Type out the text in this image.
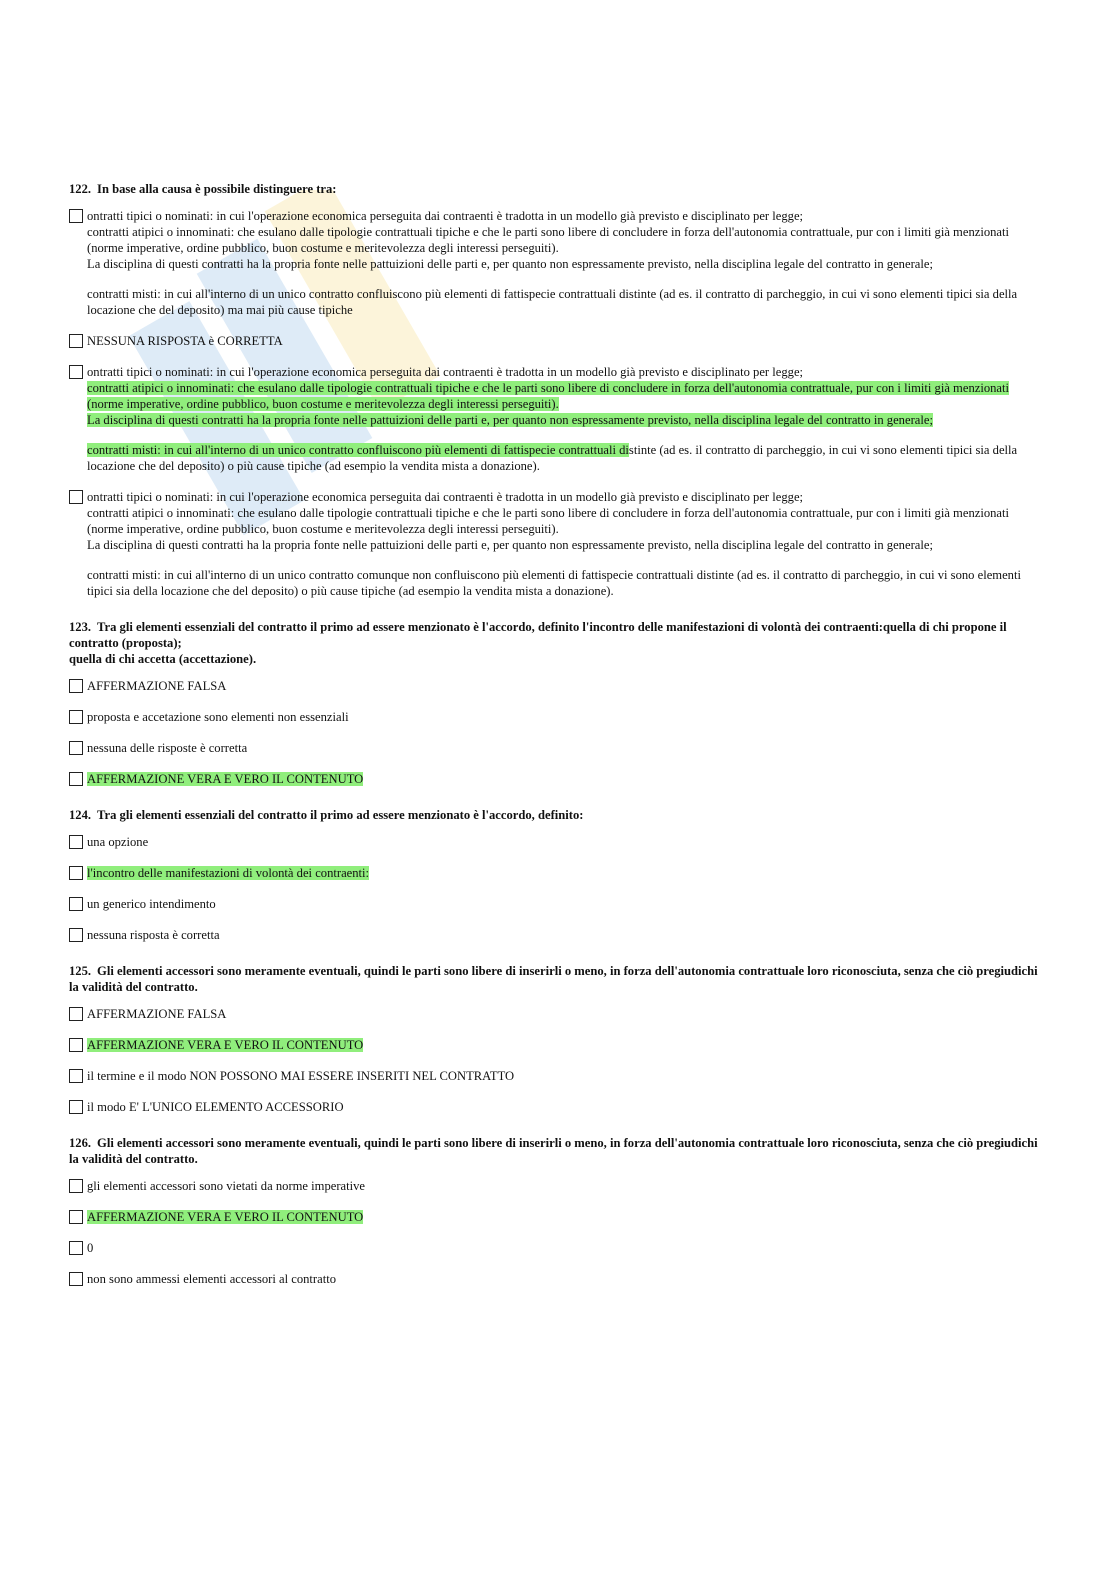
122. In base alla causa è possibile distinguere tra:

ontratti tipici o nominati: in cui l'operazione economica perseguita dai contraenti è tradotta in un modello già previsto e disciplinato per legge;

contratti atipici o innominati: che esulano dalle tipologie contrattuali tipiche e che le parti sono libere di concludere in forza dell'autonomia contrattuale, pur con i limiti già menzionati (norme imperative, ordine pubblico, buon costume e meritevolezza degli interessi perseguiti).

La disciplina di questi contratti ha la propria fonte nelle pattuizioni delle parti e, per quanto non espressamente previsto, nella disciplina legale del contratto in generale;

contratti misti: in cui all'interno di un unico contratto confluiscono più elementi di fattispecie contrattuali distinte (ad es. il contratto di parcheggio, in cui vi sono elementi tipici sia della locazione che del deposito) ma mai più cause tipiche

NESSUNA RISPOSTA è CORRETTA

ontratti tipici o nominati: in cui l'operazione economica perseguita dai contraenti è tradotta in un modello già previsto e disciplinato per legge;

contratti atipici o innominati: che esulano dalle tipologie contrattuali tipiche e che le parti sono libere di concludere in forza dell'autonomia contrattuale, pur con i limiti già menzionati (norme imperative, ordine pubblico, buon costume e meritevolezza degli interessi perseguiti).

La disciplina di questi contratti ha la propria fonte nelle pattuizioni delle parti e, per quanto non espressamente previsto, nella disciplina legale del contratto in generale;

contratti misti: in cui all'interno di un unico contratto confluiscono più elementi di fattispecie contrattuali distinte (ad es. il contratto di parcheggio, in cui vi sono elementi tipici sia della locazione che del deposito) o più cause tipiche (ad esempio la vendita mista a donazione).

ontratti tipici o nominati: in cui l'operazione economica perseguita dai contraenti è tradotta in un modello già previsto e disciplinato per legge;

contratti atipici o innominati: che esulano dalle tipologie contrattuali tipiche e che le parti sono libere di concludere in forza dell'autonomia contrattuale, pur con i limiti già menzionati (norme imperative, ordine pubblico, buon costume e meritevolezza degli interessi perseguiti).

La disciplina di questi contratti ha la propria fonte nelle pattuizioni delle parti e, per quanto non espressamente previsto, nella disciplina legale del contratto in generale;

contratti misti: in cui all'interno di un unico contratto comunque non confluiscono più elementi di fattispecie contrattuali distinte (ad es. il contratto di parcheggio, in cui vi sono elementi tipici sia della locazione che del deposito) o più cause tipiche (ad esempio la vendita mista a donazione).

123. Tra gli elementi essenziali del contratto il primo ad essere menzionato è l'accordo, definito l'incontro delle manifestazioni di volontà dei contraenti:quella di chi propone il contratto (proposta);
quella di chi accetta (accettazione).

AFFERMAZIONE FALSA
proposta e accetazione sono elementi non essenziali
nessuna delle risposte è corretta
AFFERMAZIONE VERA E VERO IL CONTENUTO

124. Tra gli elementi essenziali del contratto il primo ad essere menzionato è l'accordo, definito:

una opzione
l'incontro delle manifestazioni di volontà dei contraenti:
un generico intendimento
nessuna risposta è corretta

125. Gli elementi accessori sono meramente eventuali, quindi le parti sono libere di inserirli o meno, in forza dell'autonomia contrattuale loro riconosciuta, senza che ciò pregiudichi la validità del contratto.

AFFERMAZIONE FALSA
AFFERMAZIONE VERA E VERO IL CONTENUTO
il termine e il modo NON POSSONO MAI ESSERE INSERITI NEL CONTRATTO
il modo E' L'UNICO ELEMENTO ACCESSORIO

126. Gli elementi accessori sono meramente eventuali, quindi le parti sono libere di inserirli o meno, in forza dell'autonomia contrattuale loro riconosciuta, senza che ciò pregiudichi la validità del contratto.

gli elementi accessori sono vietati da norme imperative
AFFERMAZIONE VERA E VERO IL CONTENUTO
0
non sono ammessi elementi accessori al contratto
